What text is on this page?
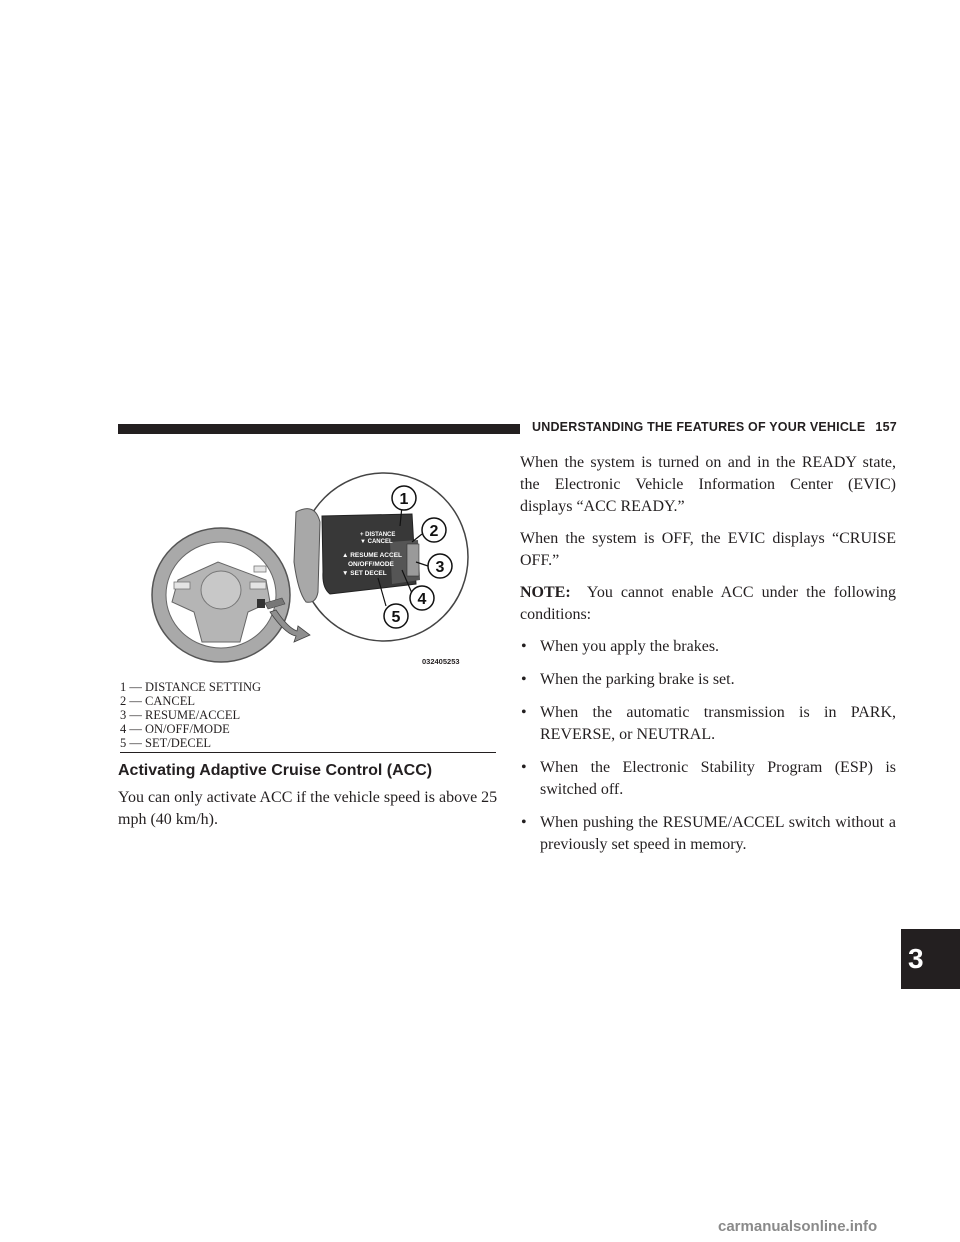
UNDERSTANDING THE FEATURES OF YOUR VEHICLE 157
3
+ DISTANCE
▼ CANCEL
▲ RESUME ACCEL
ON/OFF/MODE
▼ SET DECEL
1
2
3
4
5
032405253
1 — DISTANCE SETTING
2 — CANCEL
3 — RESUME/ACCEL
4 — ON/OFF/MODE
5 — SET/DECEL
Activating Adaptive Cruise Control (ACC)
You can only activate ACC if the vehicle speed is above 25 mph (40 km/h).

When the system is turned on and in the READY state, the Electronic Vehicle Information Center (EVIC) displays “ACC READY.”

When the system is OFF, the EVIC displays “CRUISE OFF.”

NOTE: You cannot enable ACC under the following conditions:

• When you apply the brakes.
• When the parking brake is set.
• When the automatic transmission is in PARK, REVERSE, or NEUTRAL.
• When the Electronic Stability Program (ESP) is switched off.
• When pushing the RESUME/ACCEL switch without a previously set speed in memory.
carmanualsonline.info
